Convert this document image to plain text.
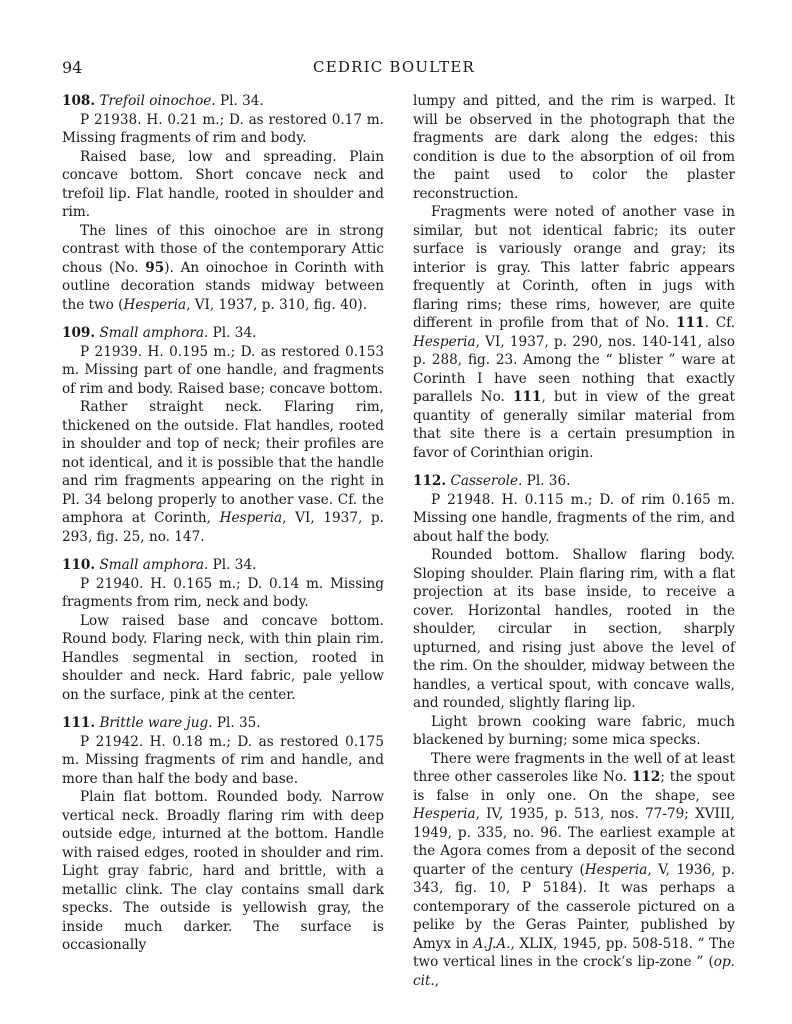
94	CEDRIC BOULTER
108. Trefoil oinochoe. Pl. 34.

P 21938. H. 0.21 m.; D. as restored 0.17 m. Missing fragments of rim and body.

Raised base, low and spreading. Plain concave bottom. Short concave neck and trefoil lip. Flat handle, rooted in shoulder and rim.

The lines of this oinochoe are in strong contrast with those of the contemporary Attic chous (No. 95). An oinochoe in Corinth with outline decoration stands midway between the two (Hesperia, VI, 1937, p. 310, fig. 40).

109. Small amphora. Pl. 34.

P 21939. H. 0.195 m.; D. as restored 0.153 m. Missing part of one handle, and fragments of rim and body. Raised base; concave bottom.

Rather straight neck. Flaring rim, thickened on the outside. Flat handles, rooted in shoulder and top of neck; their profiles are not identical, and it is possible that the handle and rim fragments appearing on the right in Pl. 34 belong properly to another vase. Cf. the amphora at Corinth, Hesperia, VI, 1937, p. 293, fig. 25, no. 147.

110. Small amphora. Pl. 34.

P 21940. H. 0.165 m.; D. 0.14 m. Missing fragments from rim, neck and body.

Low raised base and concave bottom. Round body. Flaring neck, with thin plain rim. Handles segmental in section, rooted in shoulder and neck. Hard fabric, pale yellow on the surface, pink at the center.

111. Brittle ware jug. Pl. 35.

P 21942. H. 0.18 m.; D. as restored 0.175 m. Missing fragments of rim and handle, and more than half the body and base.

Plain flat bottom. Rounded body. Narrow vertical neck. Broadly flaring rim with deep outside edge, inturned at the bottom. Handle with raised edges, rooted in shoulder and rim. Light gray fabric, hard and brittle, with a metallic clink. The clay contains small dark specks. The outside is yellowish gray, the inside much darker. The surface is occasionally

lumpy and pitted, and the rim is warped. It will be observed in the photograph that the fragments are dark along the edges: this condition is due to the absorption of oil from the paint used to color the plaster reconstruction.

Fragments were noted of another vase in similar, but not identical fabric; its outer surface is variously orange and gray; its interior is gray. This latter fabric appears frequently at Corinth, often in jugs with flaring rims; these rims, however, are quite different in profile from that of No. 111. Cf. Hesperia, VI, 1937, p. 290, nos. 140-141, also p. 288, fig. 23. Among the “ blister ” ware at Corinth I have seen nothing that exactly parallels No. 111, but in view of the great quantity of generally similar material from that site there is a certain presumption in favor of Corinthian origin.

112. Casserole. Pl. 36.

P 21948. H. 0.115 m.; D. of rim 0.165 m. Missing one handle, fragments of the rim, and about half the body.

Rounded bottom. Shallow flaring body. Sloping shoulder. Plain flaring rim, with a flat projection at its base inside, to receive a cover. Horizontal handles, rooted in the shoulder, circular in section, sharply upturned, and rising just above the level of the rim. On the shoulder, midway between the handles, a vertical spout, with concave walls, and rounded, slightly flaring lip.

Light brown cooking ware fabric, much blackened by burning; some mica specks.

There were fragments in the well of at least three other casseroles like No. 112; the spout is false in only one. On the shape, see Hesperia, IV, 1935, p. 513, nos. 77-79; XVIII, 1949, p. 335, no. 96. The earliest example at the Agora comes from a deposit of the second quarter of the century (Hesperia, V, 1936, p. 343, fig. 10, P 5184). It was perhaps a contemporary of the casserole pictured on a pelike by the Geras Painter, published by Amyx in A.J.A., XLIX, 1945, pp. 508-518. “ The two vertical lines in the crock’s lip-zone ” (op. cit.,
